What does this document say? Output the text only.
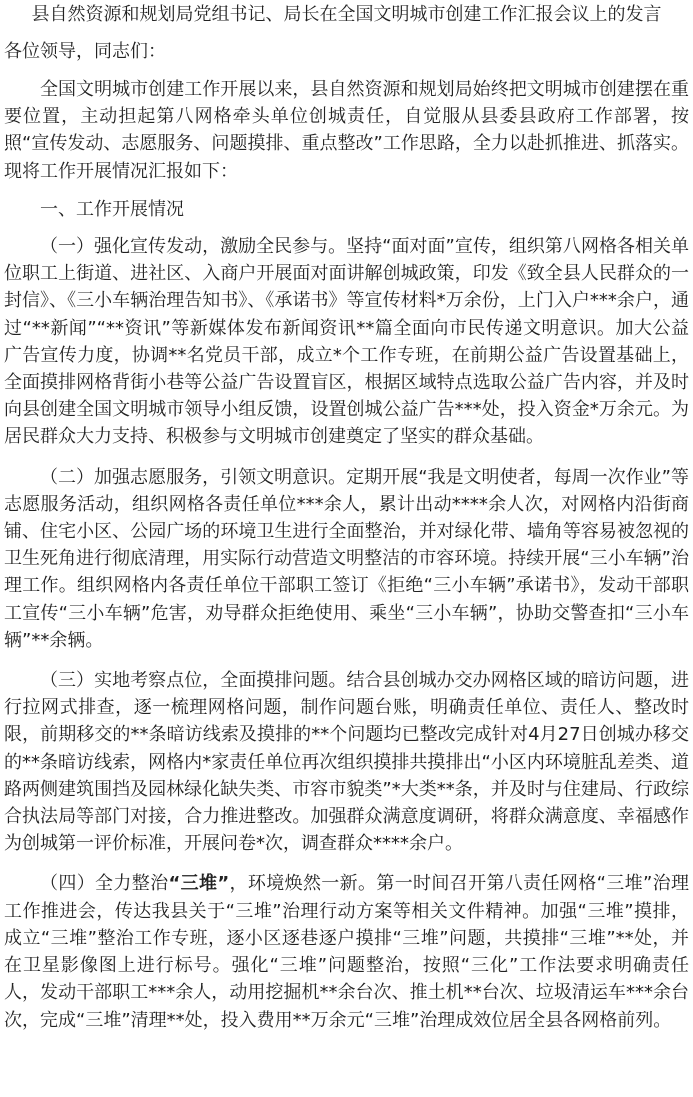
县自然资源和规划局党组书记、局长在全国文明城市创建工作汇报会议上的发言

各位领导，同志们：

全国文明城市创建工作开展以来，县自然资源和规划局始终把文明城市创建摆在重要位置，主动担起第八网格牵头单位创城责任，自觉服从县委县政府工作部署，按照“宣传发动、志愿服务、问题摸排、重点整改”工作思路，全力以赴抓推进、抓落实。现将工作开展情况汇报如下：

一、工作开展情况

（一）强化宣传发动，激励全民参与。坚持“面对面”宣传，组织第八网格各相关单位职工上街道、进社区、入商户开展面对面讲解创城政策，印发《致全县人民群众的一封信》、《三小车辆治理告知书》、《承诺书》等宣传材料*万余份，上门入户***余户，通过“**新闻”“**资讯”等新媒体发布新闻资讯**篇全面向市民传递文明意识。加大公益广告宣传力度，协调**名党员干部，成立*个工作专班，在前期公益广告设置基础上，全面摸排网格背街小巷等公益广告设置盲区，根据区域特点选取公益广告内容，并及时向县创建全国文明城市领导小组反馈，设置创城公益广告***处，投入资金*万余元。为居民群众大力支持、积极参与文明城市创建奠定了坚实的群众基础。

（二）加强志愿服务，引领文明意识。定期开展“我是文明使者，每周一次作业”等志愿服务活动，组织网格各责任单位***余人，累计出动****余人次，对网格内沿街商铺、住宅小区、公园广场的环境卫生进行全面整治，并对绿化带、墙角等容易被忽视的卫生死角进行彻底清理，用实际行动营造文明整洁的市容环境。持续开展“三小车辆”治理工作。组织网格内各责任单位干部职工签订《拒绝“三小车辆”承诺书》，发动干部职工宣传“三小车辆”危害，劝导群众拒绝使用、乘坐“三小车辆”，协助交警查扣“三小车辆”**余辆。

（三）实地考察点位，全面摸排问题。结合县创城办交办网格区域的暗访问题，进行拉网式排查，逐一梳理网格问题，制作问题台账，明确责任单位、责任人、整改时限，前期移交的**条暗访线索及摸排的**个问题均已整改完成针对4月27日创城办移交的**条暗访线索，网格内*家责任单位再次组织摸排共摸排出“小区内环境脏乱差类、道路两侧建筑围挡及园林绿化缺失类、市容市貌类”*大类**条，并及时与住建局、行政综合执法局等部门对接，合力推进整改。加强群众满意度调研，将群众满意度、幸福感作为创城第一评价标准，开展问卷*次，调查群众****余户。

（四）全力整治“三堆”，环境焕然一新。第一时间召开第八责任网格“三堆”治理工作推进会，传达我县关于“三堆”治理行动方案等相关文件精神。加强“三堆”摸排，成立“三堆”整治工作专班，逐小区逐巷逐户摸排“三堆”问题，共摸排“三堆”**处，并在卫星影像图上进行标号。强化“三堆”问题整治，按照“三化”工作法要求明确责任人，发动干部职工***余人，动用挖掘机**余台次、推土机**台次、垃圾清运车***余台次，完成“三堆”清理**处，投入费用**万余元“三堆”治理成效位居全县各网格前列。
